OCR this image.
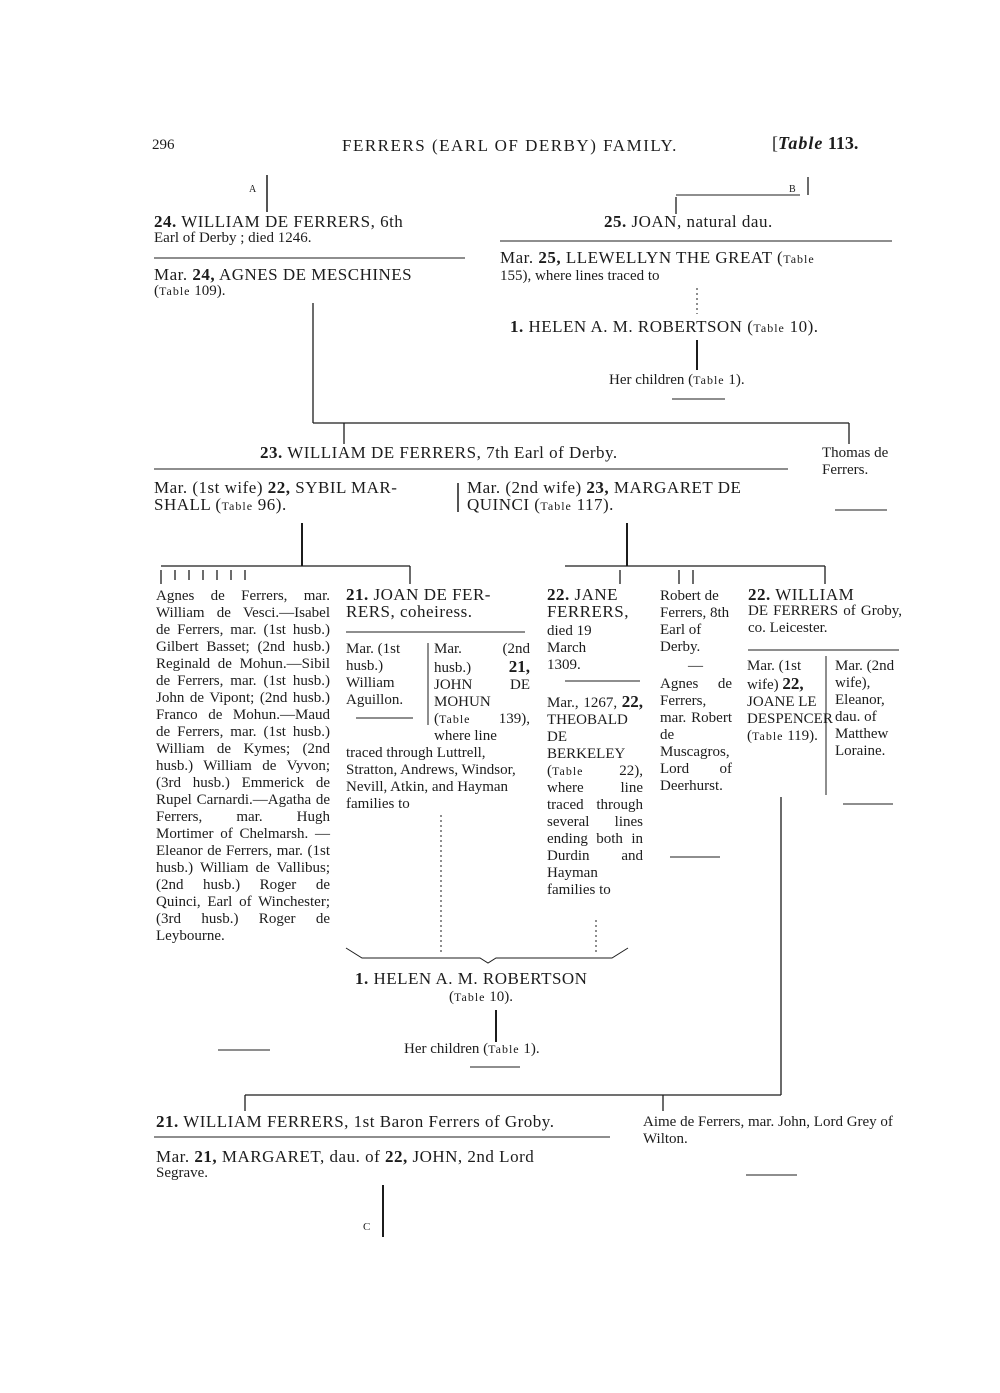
296	FERRERS (EARL OF DERBY) FAMILY.	[Table 113.
A	B
C
24. WILLIAM DE FERRERS, 6th
Earl of Derby ; died 1246.
Mar. 24, AGNES DE MESCHINES
(Table 109).
25. JOAN, natural dau.
Mar. 25, LLEWELLYN THE GREAT (Table
155), where lines traced to
1. HELEN A. M. ROBERTSON (Table 10).
Her children (Table 1).
23. WILLIAM DE FERRERS, 7th Earl of Derby.	Thomas de
Ferrers.
Mar. (1st wife) 22, SYBIL MAR-
SHALL (Table 96).
Mar. (2nd wife) 23, MARGARET DE
QUINCI (Table 117).
Agnes de Ferrers, mar. William de Vesci.—Isabel de Ferrers, mar. (1st husb.) Gilbert Basset; (2nd husb.) Reginald de Mohun.—Sibil de Ferrers, mar. (1st husb.) John de Vipont; (2nd husb.) Franco de Mohun.—Maud de Ferrers, mar. (1st husb.) William de Kymes; (2nd husb.) William de Vyvon; (3rd husb.) Emmerick de Rupel Carnardi.—Agatha de Ferrers, mar. Hugh Mortimer of Chelmarsh. —Eleanor de Ferrers, mar. (1st husb.) William de Vallibus; (2nd husb.) Roger de Quinci, Earl of Winchester; (3rd husb.) Roger de Leybourne.
21. JOAN DE FER-
RERS, coheiress.
Mar. (1st husb.) William Aguillon.
Mar. (2nd husb.) 21, JOHN DE MOHUN (Table 139), where line
traced through Luttrell, Stratton, Andrews, Windsor, Nevill, Atkin, and Hayman families to
22. JANE
FERRERS,
died 19 March 1309.
Mar., 1267, 22, THEOBALD DE BERKELEY (Table 22), where line traced through several lines ending both in Durdin and Hayman families to
Robert de Ferrers, 8th Earl of Derby.
—
Agnes de Ferrers, mar. Robert de Muscagros, Lord of Deerhurst.
22. WILLIAM
DE FERRERS of Groby, co. Leicester.
Mar. (1st wife) 22, JOANE LE DESPENCER (Table 119).
Mar. (2nd wife), Eleanor, dau. of Matthew Loraine.
1. HELEN A. M. ROBERTSON
(Table 10).
Her children (Table 1).
21. WILLIAM FERRERS, 1st Baron Ferrers of Groby.
Mar. 21, MARGARET, dau. of 22, JOHN, 2nd Lord
Segrave.
Aime de Ferrers, mar. John, Lord Grey of Wilton.
